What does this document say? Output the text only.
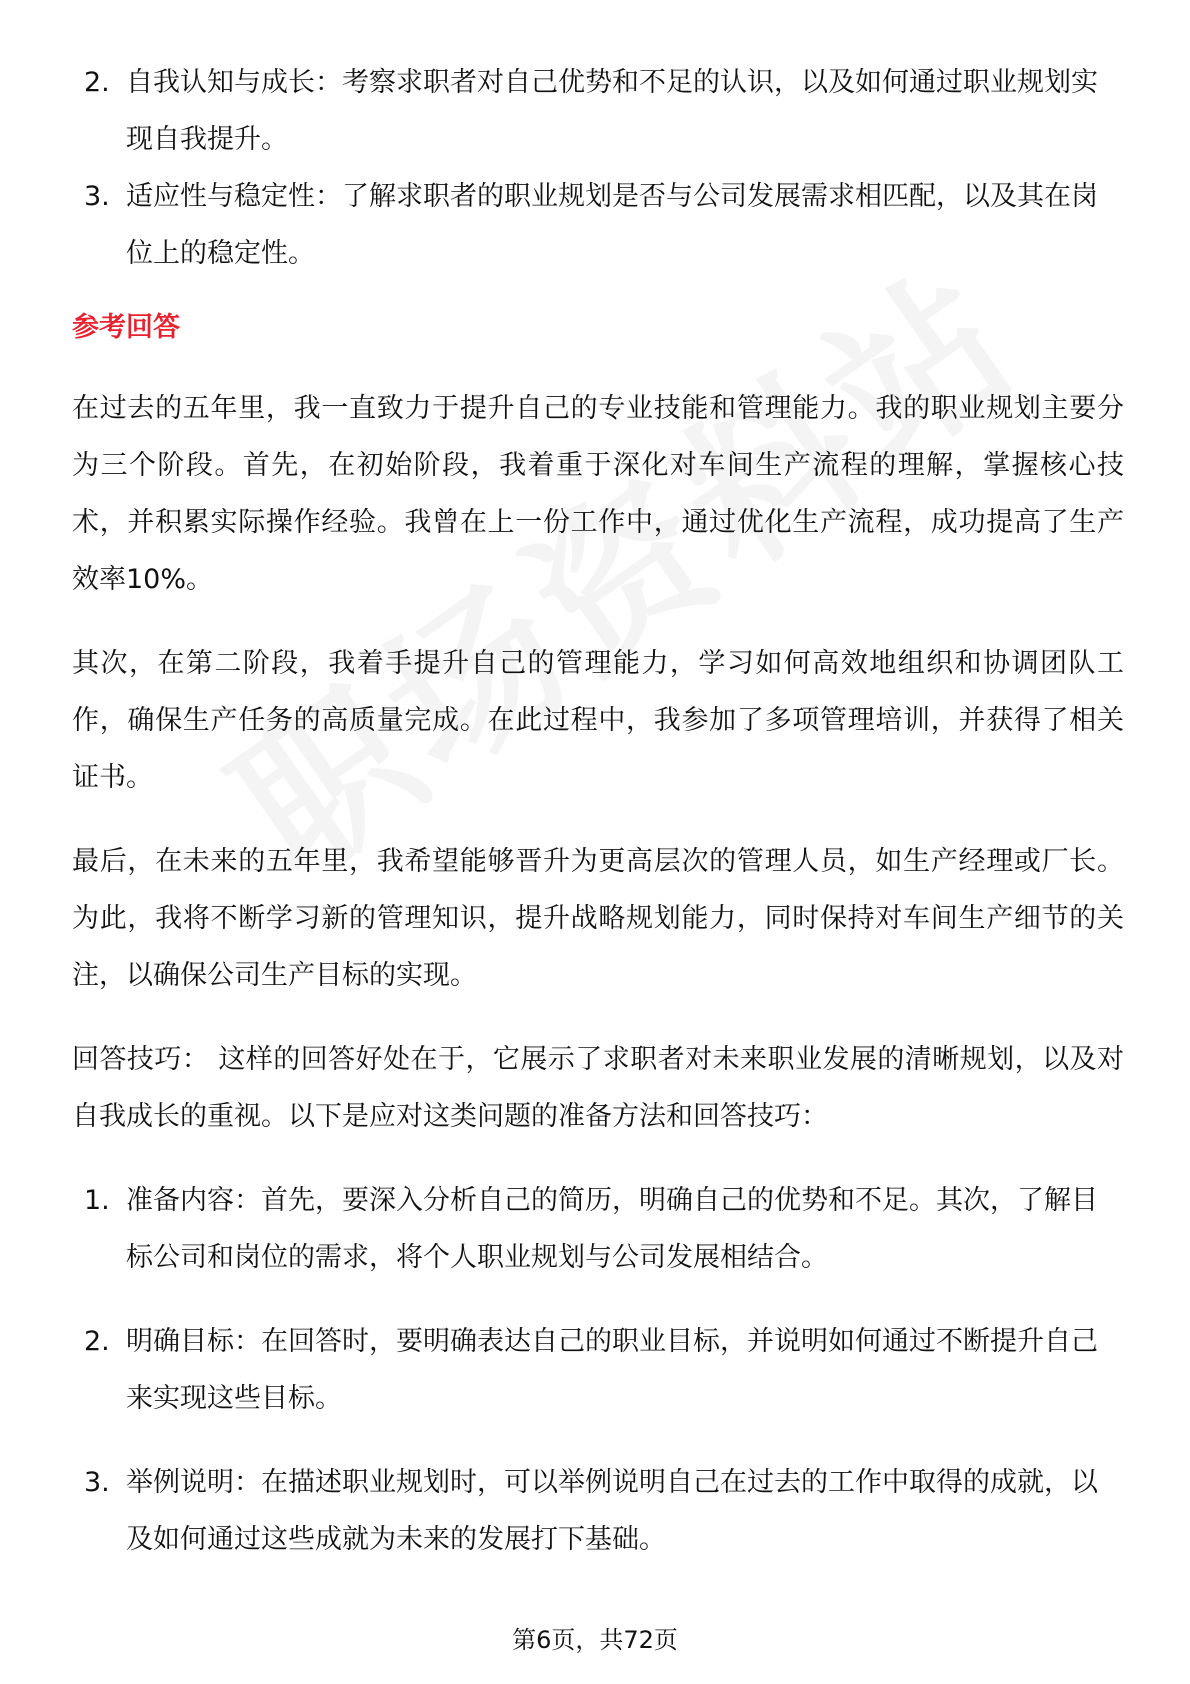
2. 自我认知与成长：考察求职者对自己优势和不足的认识，以及如何通过职业规划实现自我提升。
3. 适应性与稳定性：了解求职者的职业规划是否与公司发展需求相匹配，以及其在岗位上的稳定性。
参考回答

在过去的五年里，我一直致力于提升自己的专业技能和管理能力。我的职业规划主要分为三个阶段。首先，在初始阶段，我着重于深化对车间生产流程的理解，掌握核心技术，并积累实际操作经验。我曾在上一份工作中，通过优化生产流程，成功提高了生产效率10%。

其次，在第二阶段，我着手提升自己的管理能力，学习如何高效地组织和协调团队工作，确保生产任务的高质量完成。在此过程中，我参加了多项管理培训，并获得了相关证书。

最后，在未来的五年里，我希望能够晋升为更高层次的管理人员，如生产经理或厂长。为此，我将不断学习新的管理知识，提升战略规划能力，同时保持对车间生产细节的关注，以确保公司生产目标的实现。

回答技巧： 这样的回答好处在于，它展示了求职者对未来职业发展的清晰规划，以及对自我成长的重视。以下是应对这类问题的准备方法和回答技巧：

1. 准备内容：首先，要深入分析自己的简历，明确自己的优势和不足。其次，了解目标公司和岗位的需求，将个人职业规划与公司发展相结合。
2. 明确目标：在回答时，要明确表达自己的职业目标，并说明如何通过不断提升自己来实现这些目标。
3. 举例说明：在描述职业规划时，可以举例说明自己在过去的工作中取得的成就，以及如何通过这些成就为未来的发展打下基础。
第6页，共72页
